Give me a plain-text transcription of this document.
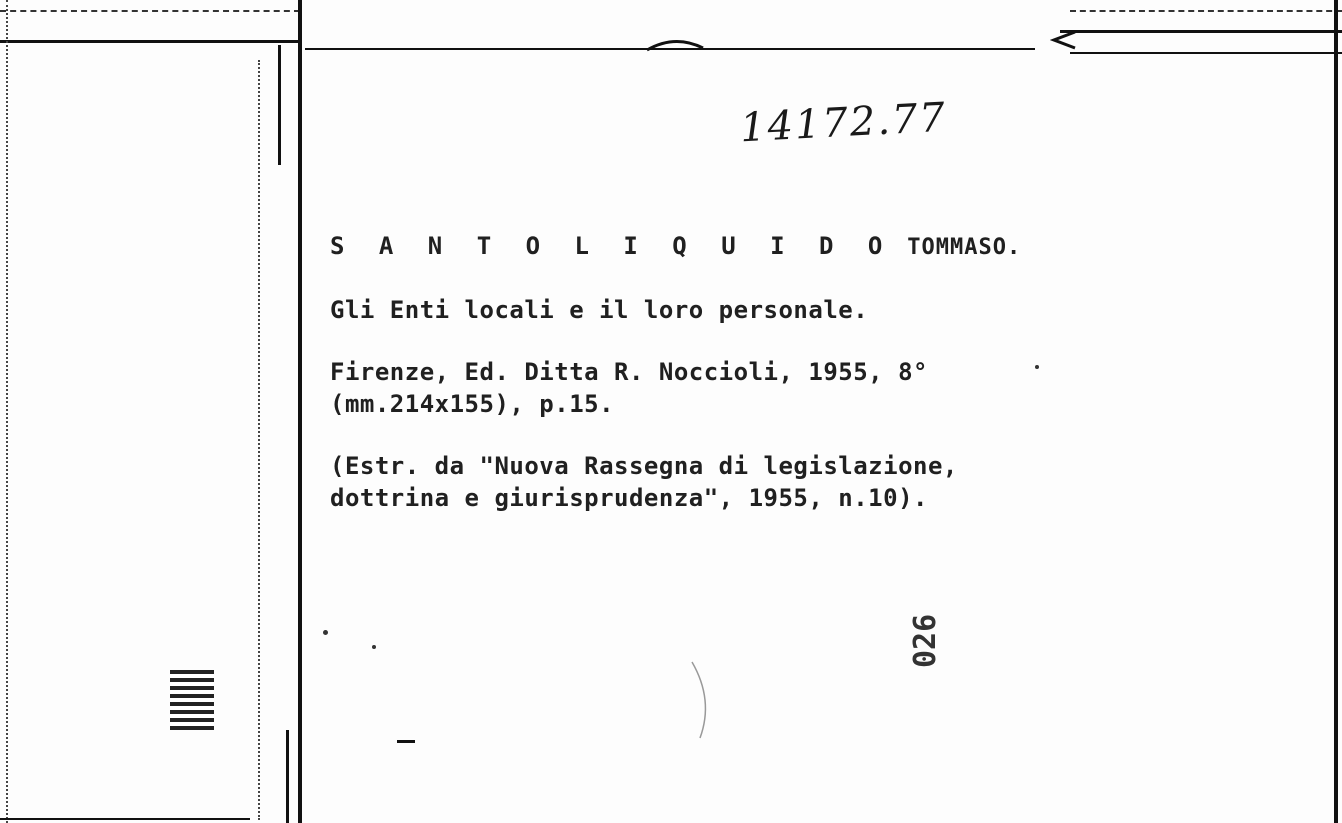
14172.77
S A N T O L I Q U I D O TOMMASO.
Gli Enti locali e il loro personale.
Firenze, Ed. Ditta R. Noccioli, 1955, 8°
(mm.214x155), p.15.
(Estr. da "Nuova Rassegna di legislazione,
dottrina e giurisprudenza", 1955, n.10).
026
